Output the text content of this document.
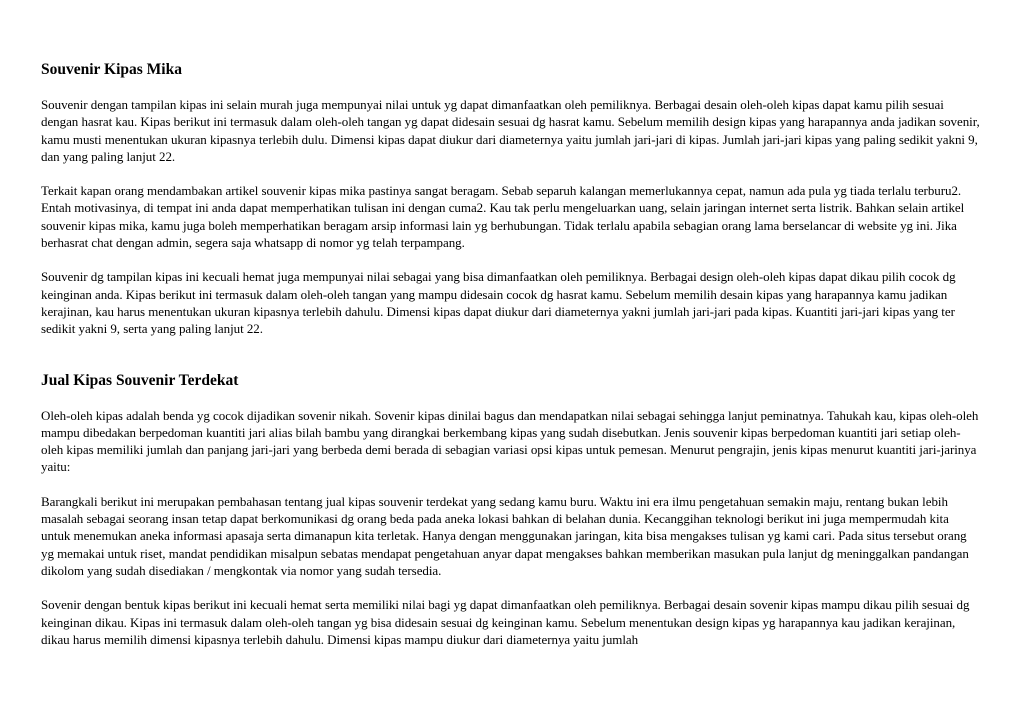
Souvenir Kipas Mika

Souvenir dengan tampilan kipas ini selain murah juga mempunyai nilai untuk yg dapat dimanfaatkan oleh pemiliknya. Berbagai desain oleh-oleh kipas dapat kamu pilih sesuai dengan hasrat kau. Kipas berikut ini termasuk dalam oleh-oleh tangan yg dapat didesain sesuai dg hasrat kamu. Sebelum memilih design kipas yang harapannya anda jadikan sovenir, kamu musti menentukan ukuran kipasnya terlebih dulu. Dimensi kipas dapat diukur dari diameternya yaitu jumlah jari-jari di kipas. Jumlah jari-jari kipas yang paling sedikit yakni 9, dan yang paling lanjut 22.

Terkait kapan orang mendambakan artikel souvenir kipas mika pastinya sangat beragam. Sebab separuh kalangan memerlukannya cepat, namun ada pula yg tiada terlalu terburu2. Entah motivasinya, di tempat ini anda dapat memperhatikan tulisan ini dengan cuma2. Kau tak perlu mengeluarkan uang, selain jaringan internet serta listrik. Bahkan selain artikel souvenir kipas mika, kamu juga boleh memperhatikan beragam arsip informasi lain yg berhubungan. Tidak terlalu apabila sebagian orang lama berselancar di website yg ini. Jika berhasrat chat dengan admin, segera saja whatsapp di nomor yg telah terpampang.

Souvenir dg tampilan kipas ini kecuali hemat juga mempunyai nilai sebagai yang bisa dimanfaatkan oleh pemiliknya. Berbagai design oleh-oleh kipas dapat dikau pilih cocok dg keinginan anda. Kipas berikut ini termasuk dalam oleh-oleh tangan yang mampu didesain cocok dg hasrat kamu. Sebelum memilih desain kipas yang harapannya kamu jadikan kerajinan, kau harus menentukan ukuran kipasnya terlebih dahulu. Dimensi kipas dapat diukur dari diameternya yakni jumlah jari-jari pada kipas. Kuantiti jari-jari kipas yang ter sedikit yakni 9, serta yang paling lanjut 22.

Jual Kipas Souvenir Terdekat

Oleh-oleh kipas adalah benda yg cocok dijadikan sovenir nikah. Sovenir kipas dinilai bagus dan mendapatkan nilai sebagai sehingga lanjut peminatnya. Tahukah kau, kipas oleh-oleh mampu dibedakan berpedoman kuantiti jari alias bilah bambu yang dirangkai berkembang kipas yang sudah disebutkan. Jenis souvenir kipas berpedoman kuantiti jari setiap oleh-oleh kipas memiliki jumlah dan panjang jari-jari yang berbeda demi berada di sebagian variasi opsi kipas untuk pemesan. Menurut pengrajin, jenis kipas menurut kuantiti jari-jarinya yaitu:

Barangkali berikut ini merupakan pembahasan tentang jual kipas souvenir terdekat yang sedang kamu buru. Waktu ini era ilmu pengetahuan semakin maju, rentang bukan lebih masalah sebagai seorang insan tetap dapat berkomunikasi dg orang beda pada aneka lokasi bahkan di belahan dunia. Kecanggihan teknologi berikut ini juga mempermudah kita untuk menemukan aneka informasi apasaja serta dimanapun kita terletak. Hanya dengan menggunakan jaringan, kita bisa mengakses tulisan yg kami cari. Pada situs tersebut orang yg memakai untuk riset, mandat pendidikan misalpun sebatas mendapat pengetahuan anyar dapat mengakses bahkan memberikan masukan pula lanjut dg meninggalkan pandangan dikolom yang sudah disediakan / mengkontak via nomor yang sudah tersedia.

Sovenir dengan bentuk kipas berikut ini kecuali hemat serta memiliki nilai bagi yg dapat dimanfaatkan oleh pemiliknya. Berbagai desain sovenir kipas mampu dikau pilih sesuai dg keinginan dikau. Kipas ini termasuk dalam oleh-oleh tangan yg bisa didesain sesuai dg keinginan kamu. Sebelum menentukan design kipas yg harapannya kau jadikan kerajinan, dikau harus memilih dimensi kipasnya terlebih dahulu. Dimensi kipas mampu diukur dari diameternya yaitu jumlah
